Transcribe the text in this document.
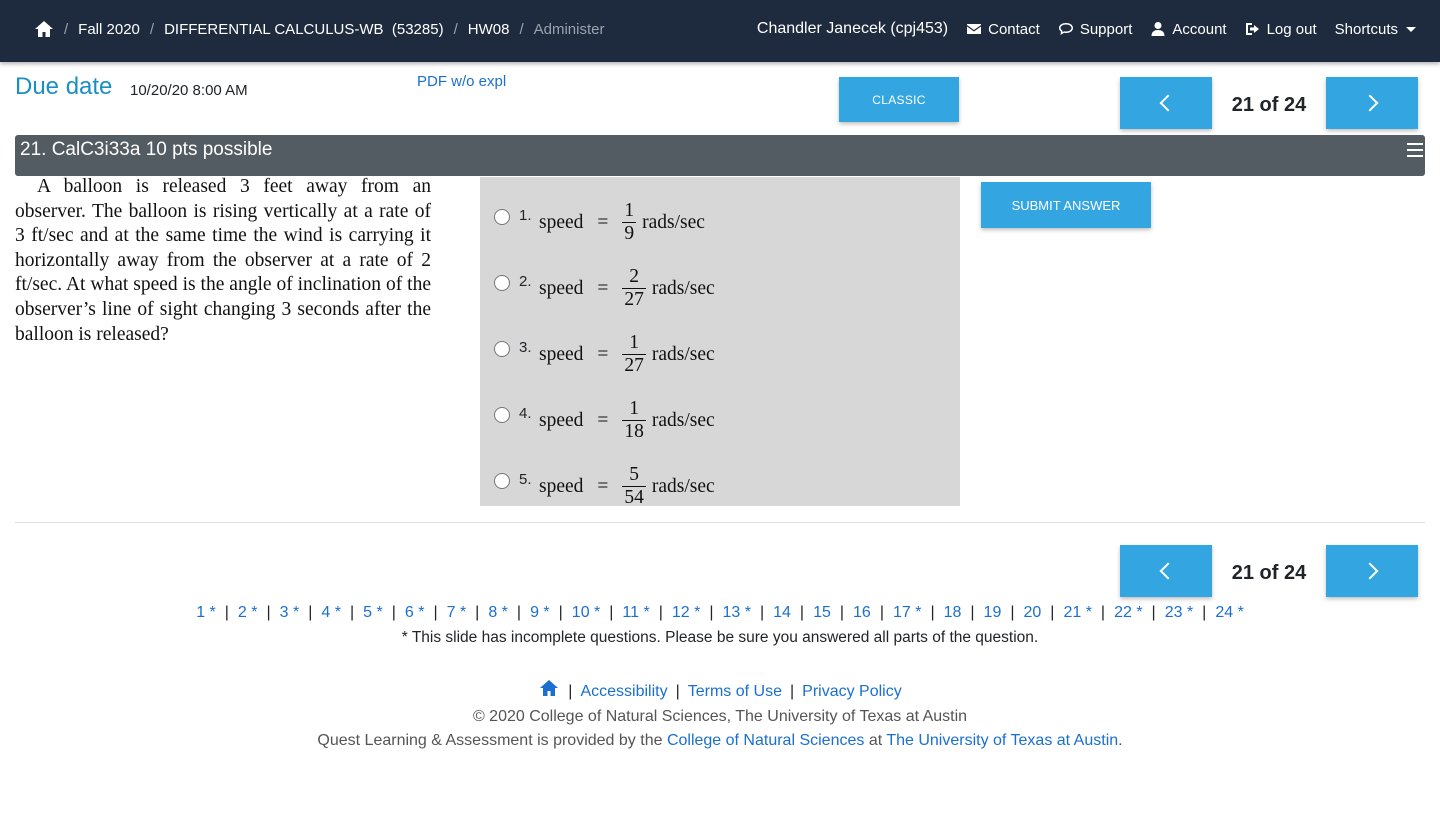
/ Fall 2020 / DIFFERENTIAL CALCULUS-WB  (53285) / HW08 / Administer	Chandler Janecek (cpj453)	Contact	Support	Account	Log out Shortcuts
Due date 10/20/20 8:00 AM
PDF w/o expl
CLASSIC	21 of 24
21. CalC3i33a 10 pts possible
A balloon is released 3 feet away from an observer. The balloon is rising vertically at a rate of 3 ft/sec and at the same time the wind is carrying it horizontally away from the observer at a rate of 2 ft/sec. At what speed is the angle of inclination of the observer’s line of sight changing 3 seconds after the balloon is released?
1. speed = $\frac{1}{9}$ rads/sec
2. speed = $\frac{2}{27}$ rads/sec
3. speed = $\frac{1}{27}$ rads/sec
4. speed = $\frac{1}{18}$ rads/sec
5. speed = $\frac{5}{54}$ rads/sec
SUBMIT ANSWER
21 of 24
1 * | 2 * | 3 * | 4 * | 5 * | 6 * | 7 * | 8 * | 9 * | 10 * | 11 * | 12 * | 13 * | 14 | 15 | 16 | 17 * | 18 | 19 | 20 | 21 * | 22 * | 23 * | 24 *
* This slide has incomplete questions. Please be sure you answered all parts of the question.
| Accessibility | Terms of Use | Privacy Policy
© 2020 College of Natural Sciences, The University of Texas at Austin
Quest Learning & Assessment is provided by the College of Natural Sciences at The University of Texas at Austin.
